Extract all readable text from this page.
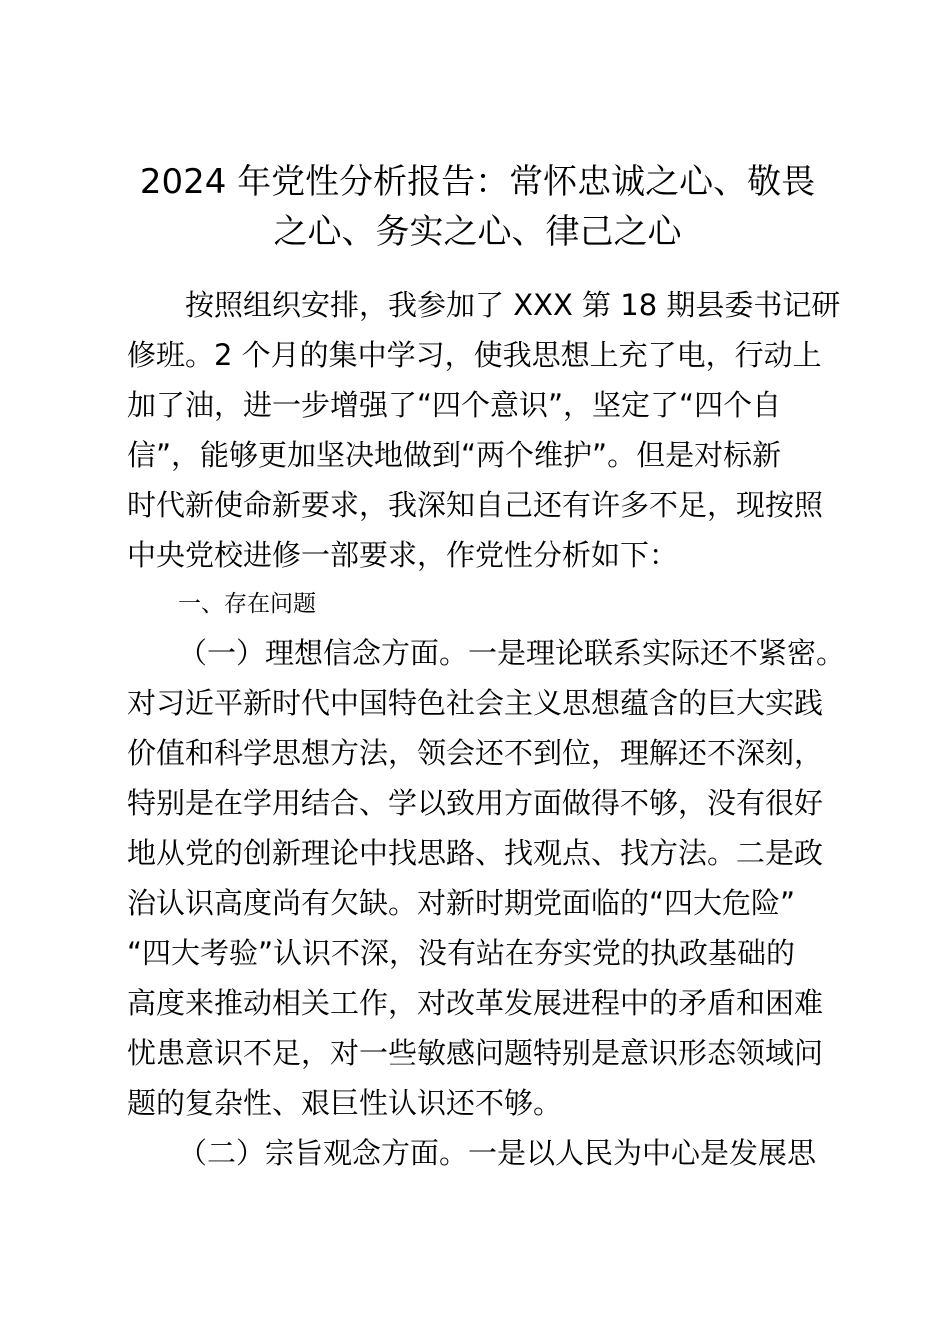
2024 年党性分析报告：常怀忠诚之心、敬畏
之心、务实之心、律己之心
按照组织安排，我参加了 XXX 第 18 期县委书记研
修班。2 个月的集中学习，使我思想上充了电，行动上
加了油，进一步增强了“四个意识”，坚定了“四个自
信”，能够更加坚决地做到“两个维护”。但是对标新
时代新使命新要求，我深知自己还有许多不足，现按照
中央党校进修一部要求，作党性分析如下：
一、存在问题
（一）理想信念方面。一是理论联系实际还不紧密。
对习近平新时代中国特色社会主义思想蕴含的巨大实践
价值和科学思想方法，领会还不到位，理解还不深刻，
特别是在学用结合、学以致用方面做得不够，没有很好
地从党的创新理论中找思路、找观点、找方法。二是政
治认识高度尚有欠缺。对新时期党面临的“四大危险”
“四大考验”认识不深，没有站在夯实党的执政基础的
高度来推动相关工作，对改革发展进程中的矛盾和困难
忧患意识不足，对一些敏感问题特别是意识形态领域问
题的复杂性、艰巨性认识还不够。
（二）宗旨观念方面。一是以人民为中心是发展思
